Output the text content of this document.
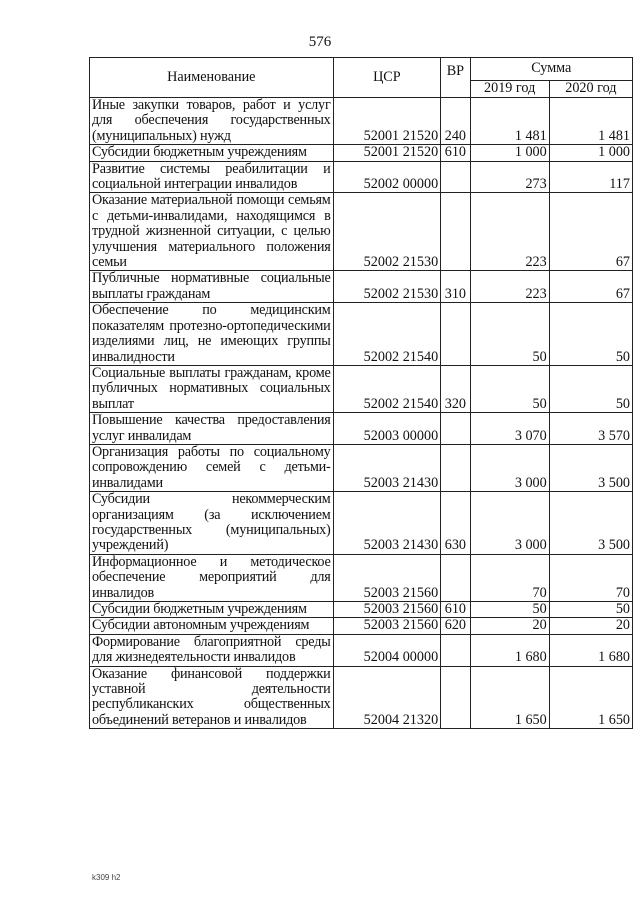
576
Наименование	ЦСР	ВР	Сумма	
			2019 год	2020 год
Иные закупки товаров, работ и услуг для обеспечения государственных (муниципальных) нужд	52001 21520	240	1 481	1 481
Субсидии бюджетным учреждениям	52001 21520	610	1 000	1 000
Развитие системы реабилитации и социальной интеграции инвалидов	52002 00000		273	117
Оказание материальной помощи семьям с детьми-инвалидами, находящимся в трудной жизненной ситуации, с целью улучшения материального положения семьи	52002 21530		223	67
Публичные нормативные социальные выплаты гражданам	52002 21530	310	223	67
Обеспечение по медицинским показателям протезно-ортопедическими изделиями лиц, не имеющих группы инвалидности	52002 21540		50	50
Социальные выплаты гражданам, кроме публичных нормативных социальных выплат	52002 21540	320	50	50
Повышение качества предоставления услуг инвалидам	52003 00000		3 070	3 570
Организация работы по социальному сопровождению семей с детьми-инвалидами	52003 21430		3 000	3 500
Субсидии некоммерческим организациям (за исключением государственных (муниципальных) учреждений)	52003 21430	630	3 000	3 500
Информационное и методическое обеспечение мероприятий для инвалидов	52003 21560		70	70
Субсидии бюджетным учреждениям	52003 21560	610	50	50
Субсидии автономным учреждениям	52003 21560	620	20	20
Формирование благоприятной среды для жизнедеятельности инвалидов	52004 00000		1 680	1 680
Оказание финансовой поддержки уставной деятельности республиканских общественных объединений ветеранов и инвалидов	52004 21320		1 650	1 650
k309 h2
